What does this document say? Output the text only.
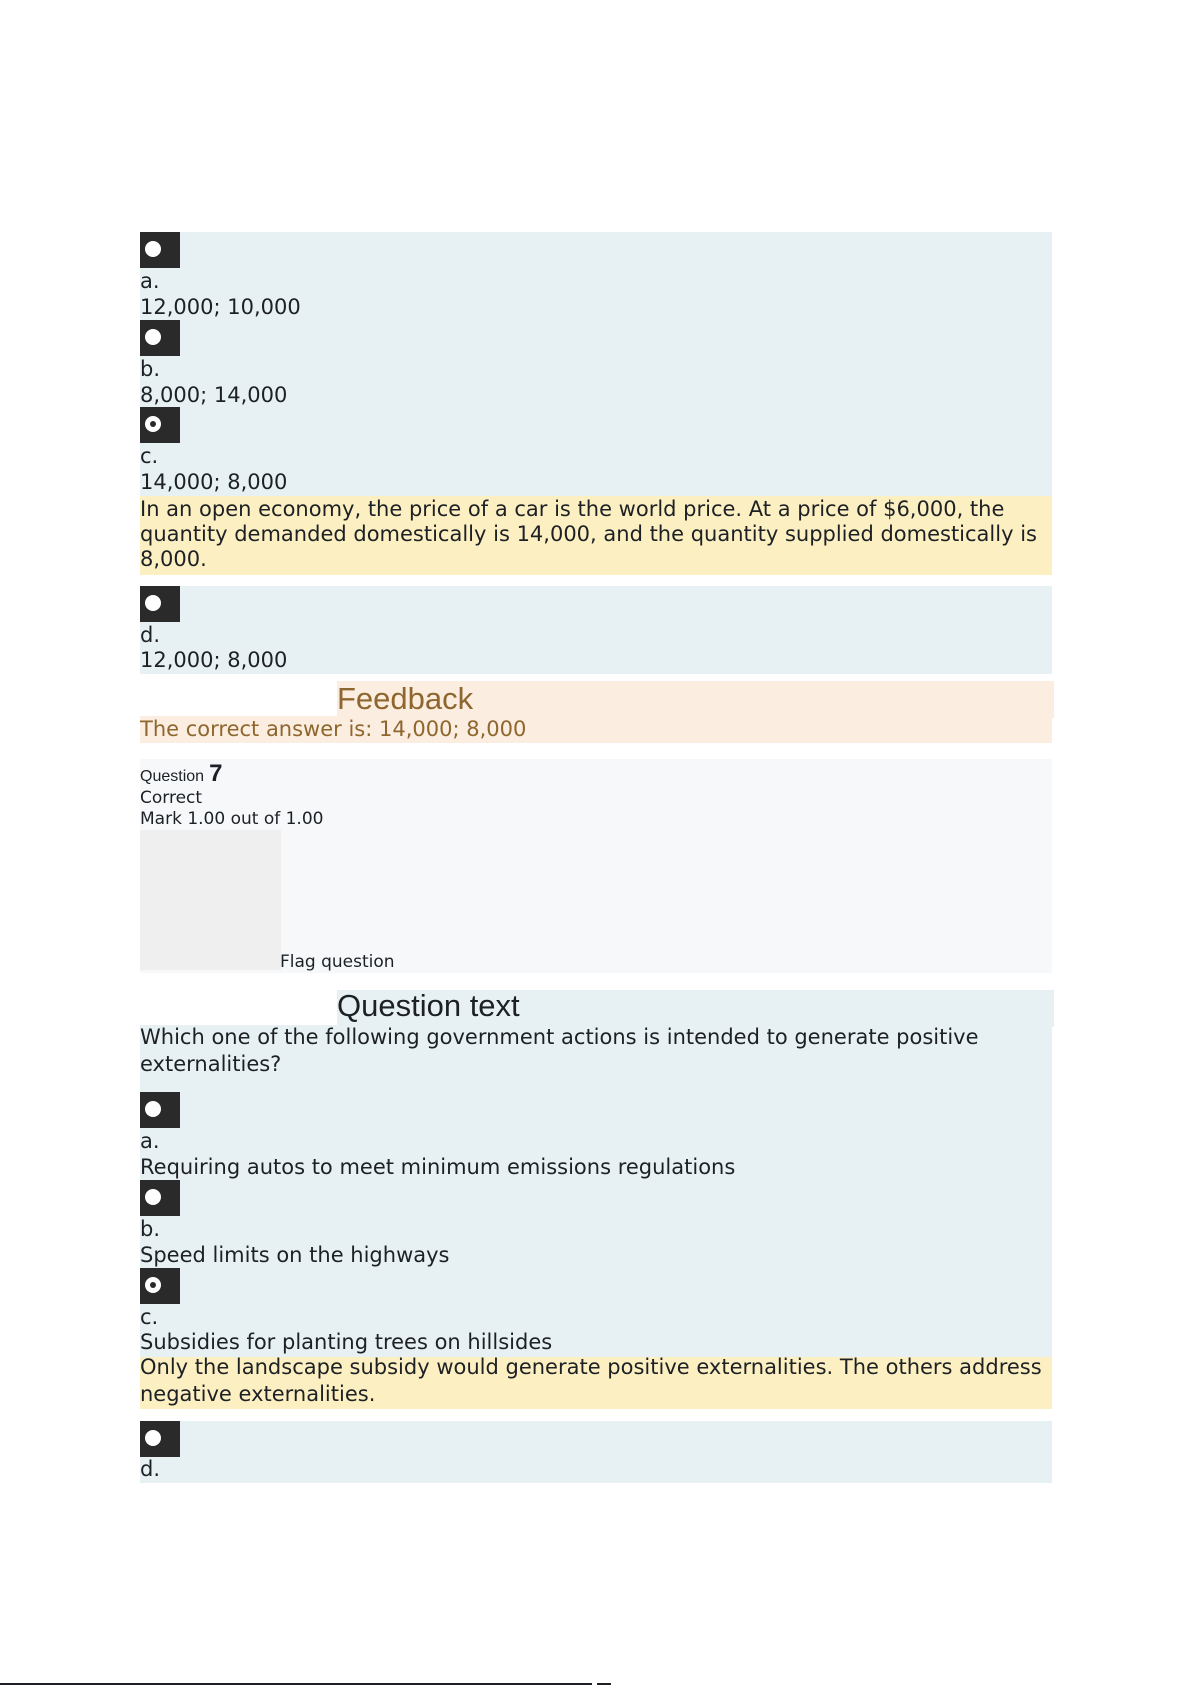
a.
12,000; 10,000
b.
8,000; 14,000
c.
14,000; 8,000
In an open economy, the price of a car is the world price. At a price of $6,000, the quantity demanded domestically is 14,000, and the quantity supplied domestically is 8,000.
d.
12,000; 8,000
Feedback
The correct answer is: 14,000; 8,000
Question 7
Correct
Mark 1.00 out of 1.00
Flag question
Question text
Which one of the following government actions is intended to generate positive externalities?
a.
Requiring autos to meet minimum emissions regulations
b.
Speed limits on the highways
c.
Subsidies for planting trees on hillsides
Only the landscape subsidy would generate positive externalities. The others address negative externalities.
d.
